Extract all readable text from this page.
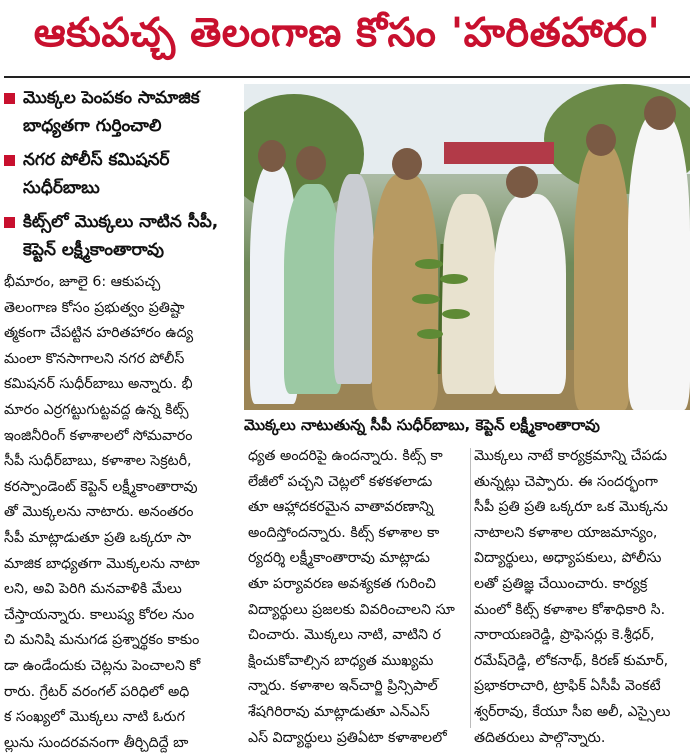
ఆకుపచ్చ తెలంగాణ కోసం 'హరితహారం'
మొక్కల పెంపకం సామాజిక బాధ్యతగా గుర్తించాలి
నగర పోలీస్ కమిషనర్ సుధీర్‌బాబు
కిట్స్‌లో మొక్కలు నాటిన సీపీ, కెప్టెన్ లక్ష్మీకాంతారావు
మొక్కలు నాటుతున్న సీపీ సుధీర్‌బాబు, కెప్టెన్ లక్ష్మీకాంతారావు
భీమారం, జూలై 6: ఆకుపచ్చ
తెలంగాణ కోసం ప్రభుత్వం ప్రతిష్టా
త్మకంగా చేపట్టిన హరితహారం ఉద్య
మంలా కొనసాగాలని నగర పోలీస్
కమిషనర్ సుధీర్‌బాబు అన్నారు. భీ
మారం ఎర్రగట్టుగుట్టవద్ద ఉన్న కిట్స్
ఇంజినీరింగ్ కళాశాలలో సోమవారం
సీపీ సుధీర్‌బాబు, కళాశాల సెక్రటరీ,
కరస్పాండెంట్ కెప్టెన్ లక్ష్మీకాంతారావు
తో మొక్కలను నాటారు. అనంతరం
సీపీ మాట్లాడుతూ ప్రతి ఒక్కరూ సా
మాజిక బాధ్యతగా మొక్కలను నాటా
లని, అవి పెరిగి మనవాళికి మేలు
చేస్తాయన్నారు. కాలుష్య కోరల నుం
చి మనిషి మనుగడ ప్రశ్నార్థకం కాకుం
డా ఉండేందుకు చెట్లను పెంచాలని కో
రారు. గ్రేటర్ వరంగల్ పరిధిలో అధి
క సంఖ్యలో మొక్కలు నాటి ఓరుగ
ల్లును సుందరవనంగా తీర్చిదిద్దే బా
ధ్యత అందరిపై ఉందన్నారు. కిట్స్ కా
లేజీలో పచ్చని చెట్లలో కళకళలాడు
తూ ఆహ్లాదకరమైన వాతావరణాన్ని
అందిస్తోందన్నారు. కిట్స్ కళాశాల కా
ర్యదర్శి లక్ష్మీకాంతారావు మాట్లాడు
తూ పర్యావరణ అవశ్యకత గురించి
విద్యార్థులు ప్రజలకు వివరించాలని సూ
చించారు. మొక్కలు నాటి, వాటిని ర
క్షించుకోవాల్సిన బాధ్యత ముఖ్యమ
న్నారు. కళాశాల ఇన్‌చార్జి ప్రిన్సిపాల్
శేషగిరిరావు మాట్లాడుతూ ఎన్‌ఎస్
ఎస్ విద్యార్థులు ప్రతిఏటా కళాశాలలో
మొక్కలు నాటే కార్యక్రమాన్ని చేపడు
తున్నట్లు చెప్పారు. ఈ సందర్భంగా
సీపీ ప్రతి ప్రతి ఒక్కరూ ఒక మొక్కను
నాటాలని కళాశాల యాజమాన్యం,
విద్యార్థులు, అధ్యాపకులు, పోలీసు
లతో ప్రతిజ్ఞ చేయించారు. కార్యక్ర
మంలో కిట్స్ కళాశాల కోశాధికారి సి.
నారాయణరెడ్డి, ప్రొఫెసర్లు కె.శ్రీధర్,
రమేష్‌రెడ్డి, లోకనాథ్, కిరణ్ కుమార్,
ప్రభాకరాచారి, ట్రాఫిక్ ఏసీపీ వెంకటే
శ్వర్‌రావు, కేయూ సీఐ అలీ, ఎస్సైలు
తదితరులు పాల్గొన్నారు.
